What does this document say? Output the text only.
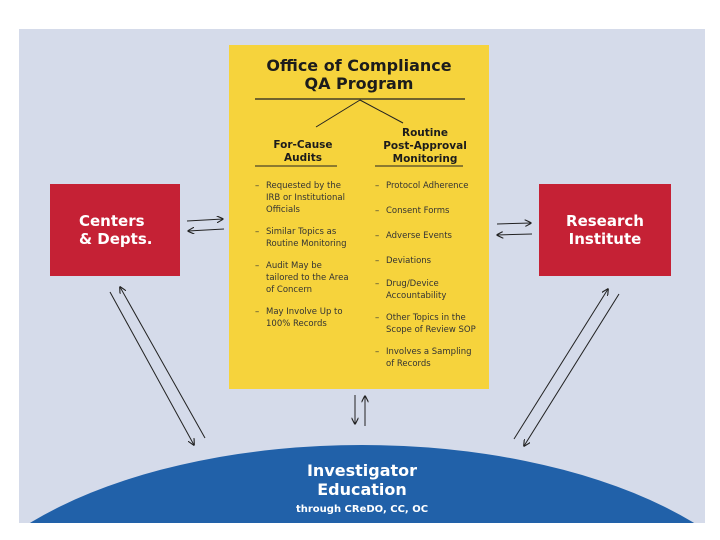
Investigator
Education
through CReDO, CC, OC
Centers
& Depts.
Research
Institute
Office of Compliance
QA Program
For-Cause
Audits
Routine
Post-Approval
Monitoring
– Requested by the
IRB or Institutional
Officials
– Similar Topics as
Routine Monitoring
– Audit May be
tailored to the Area
of Concern
– May Involve Up to
100% Records
– Protocol Adherence
– Consent Forms
– Adverse Events
– Deviations
– Drug/Device
Accountability
– Other Topics in the
Scope of Review SOP
– Involves a Sampling
of Records
